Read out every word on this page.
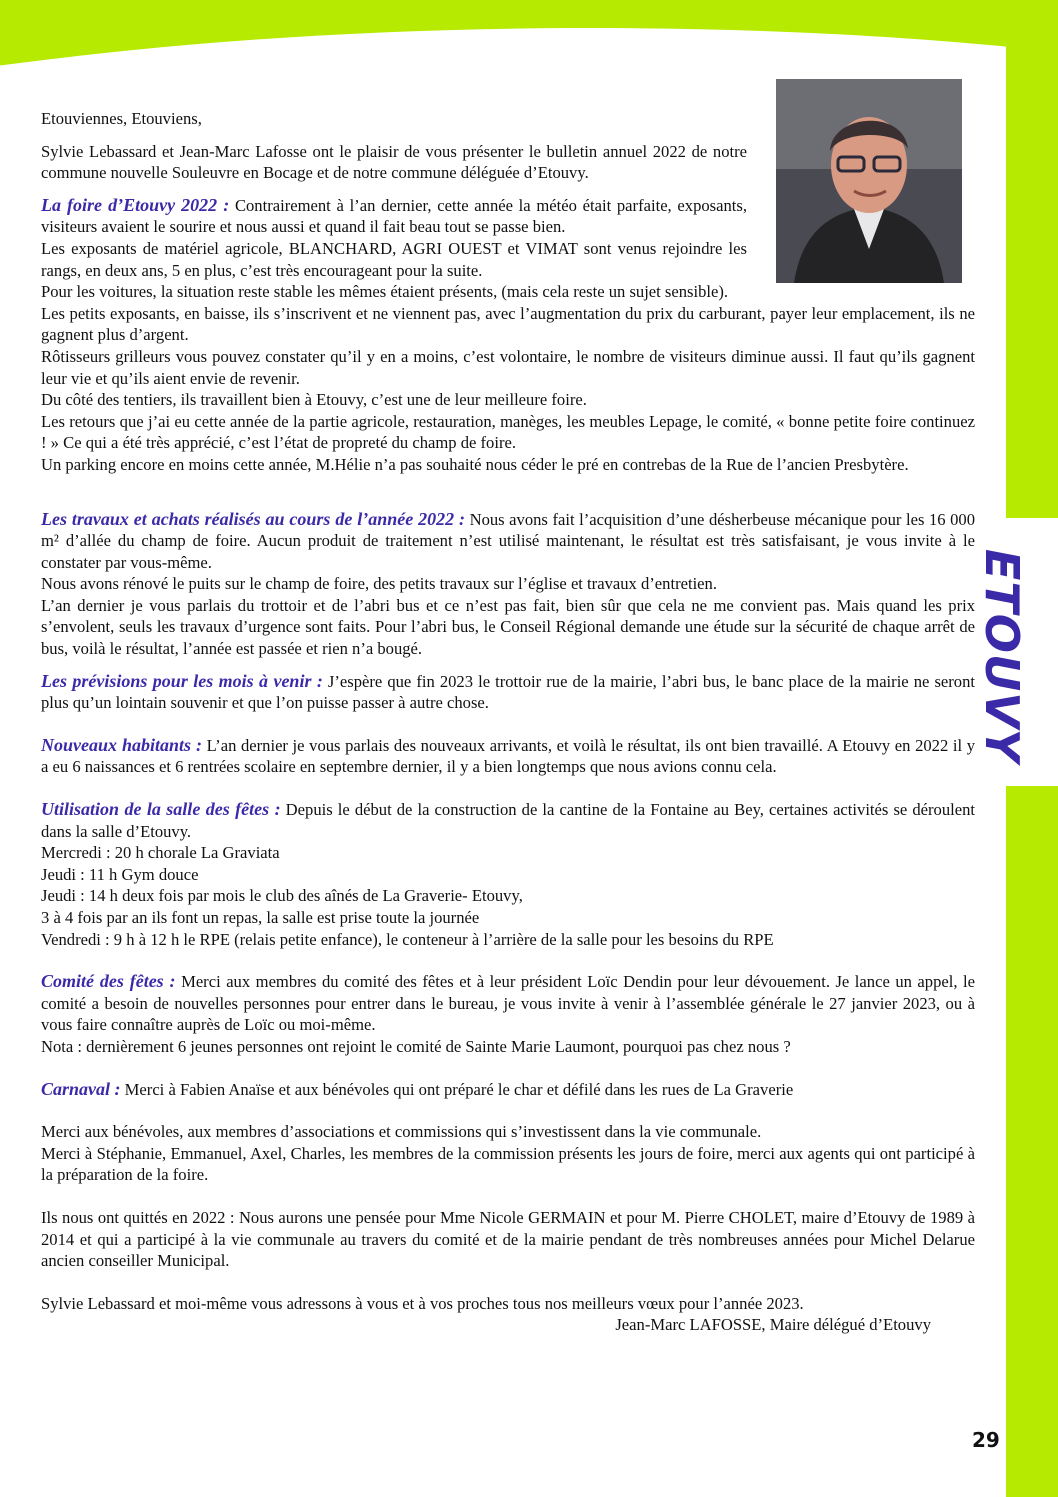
ETOUVY

Etouviennes, Etouviens,

Sylvie Lebassard et Jean-Marc Lafosse ont le plaisir de vous présenter le bulletin annuel 2022 de notre commune nouvelle Souleuvre en Bocage et de notre commune déléguée d’Etouvy.

La foire d’Etouvy 2022 : Contrairement à l’an dernier, cette année la météo était parfaite, exposants, visiteurs avaient le sourire et nous aussi et quand il fait beau tout se passe bien.

Les exposants de matériel agricole, BLANCHARD, AGRI OUEST et VIMAT sont venus rejoindre les rangs, en deux ans, 5 en plus, c’est très encourageant pour la suite.

Pour les voitures, la situation reste stable les mêmes étaient présents, (mais cela reste un sujet sensible).

Les petits exposants, en baisse, ils s’inscrivent et ne viennent pas, avec l’augmentation du prix du carburant, payer leur emplacement, ils ne gagnent plus d’argent.

Rôtisseurs grilleurs vous pouvez constater qu’il y en a moins, c’est volontaire, le nombre de visiteurs diminue aussi. Il faut qu’ils gagnent leur vie et qu’ils aient envie de revenir.

Du côté des tentiers, ils travaillent bien à Etouvy, c’est une de leur meilleure foire.

Les retours que j’ai eu cette année de la partie agricole, restauration, manèges, les meubles Lepage, le comité, « bonne petite foire continuez ! » Ce qui a été très apprécié, c’est l’état de propreté du champ de foire.

Un parking encore en moins cette année, M.Hélie n’a pas souhaité nous céder le pré en contrebas de la Rue de l’ancien Presbytère.

Les travaux et achats réalisés au cours de l’année 2022 : Nous avons fait l’acquisition d’une désherbeuse mécanique pour les 16 000 m² d’allée du champ de foire. Aucun produit de traitement n’est utilisé maintenant, le résultat est très satisfaisant, je vous invite à le constater par vous-même.

Nous avons rénové le puits sur le champ de foire, des petits travaux sur l’église et travaux d’entretien.

L’an dernier je vous parlais du trottoir et de l’abri bus et ce n’est pas fait, bien sûr que cela ne me convient pas. Mais quand les prix s’envolent, seuls les travaux d’urgence sont faits. Pour l’abri bus, le Conseil Régional demande une étude sur la sécurité de chaque arrêt de bus, voilà le résultat, l’année est passée et rien n’a bougé.

Les prévisions pour les mois à venir : J’espère que fin 2023 le trottoir rue de la mairie, l’abri bus, le banc place de la mairie ne seront plus qu’un lointain souvenir et que l’on puisse passer à autre chose.

Nouveaux habitants : L’an dernier je vous parlais des nouveaux arrivants, et voilà le résultat, ils ont bien travaillé. A Etouvy en 2022 il y a eu 6 naissances et 6 rentrées scolaire en septembre dernier, il y a bien longtemps que nous avions connu cela.

Utilisation de la salle des fêtes : Depuis le début de la construction de la cantine de la Fontaine au Bey, certaines activités se déroulent dans la salle d’Etouvy.

Mercredi : 20 h chorale La Graviata

Jeudi : 11 h Gym douce

Jeudi : 14 h deux fois par mois le club des aînés de La Graverie- Etouvy,

3 à 4 fois par an ils font un repas, la salle est prise toute la journée

Vendredi : 9 h à 12 h le RPE (relais petite enfance), le conteneur à l’arrière de la salle pour les besoins du RPE

Comité des fêtes : Merci aux membres du comité des fêtes et à leur président Loïc Dendin pour leur dévouement. Je lance un appel, le comité a besoin de nouvelles personnes pour entrer dans le bureau, je vous invite à venir à l’assemblée générale le 27 janvier 2023, ou à vous faire connaître auprès de Loïc ou moi-même.

Nota : dernièrement 6 jeunes personnes ont rejoint le comité de Sainte Marie Laumont, pourquoi pas chez nous ?

Carnaval : Merci à Fabien Anaïse et aux bénévoles qui ont préparé le char et défilé dans les rues de La Graverie

Merci aux bénévoles, aux membres d’associations et commissions qui s’investissent dans la vie communale.

Merci à Stéphanie, Emmanuel, Axel, Charles, les membres de la commission présents les jours de foire, merci aux agents qui ont participé à la préparation de la foire.

Ils nous ont quittés en 2022 : Nous aurons une pensée pour Mme Nicole GERMAIN et pour M. Pierre CHOLET, maire d’Etouvy de 1989 à 2014 et qui a participé à la vie communale au travers du comité et de la mairie pendant de très nombreuses années pour Michel Delarue ancien conseiller Municipal.

Sylvie Lebassard et moi-même vous adressons à vous et à vos proches tous nos meilleurs vœux pour l’année 2023.

Jean-Marc LAFOSSE, Maire délégué d’Etouvy

29
